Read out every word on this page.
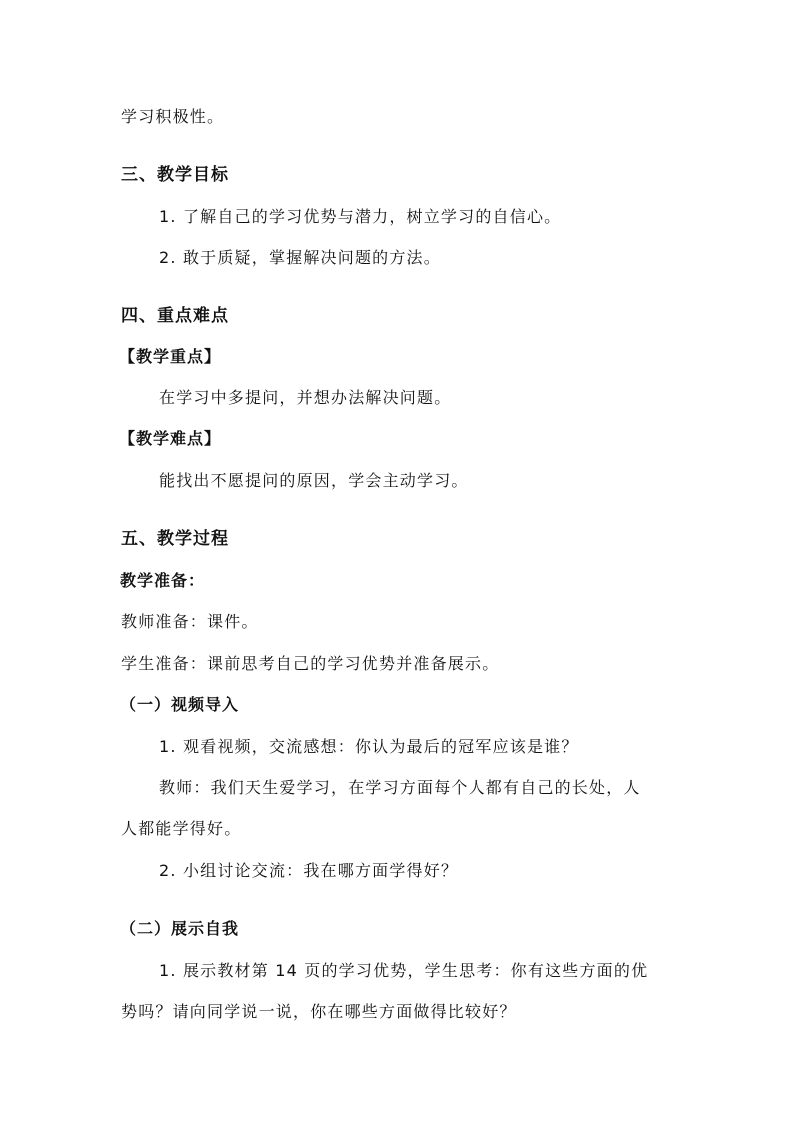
学习积极性。
三、教学目标
1. 了解自己的学习优势与潜力，树立学习的自信心。
2. 敢于质疑，掌握解决问题的方法。
四、重点难点
【教学重点】
在学习中多提问，并想办法解决问题。
【教学难点】
能找出不愿提问的原因，学会主动学习。
五、教学过程
教学准备：
教师准备：课件。
学生准备：课前思考自己的学习优势并准备展示。
（一）视频导入
1. 观看视频，交流感想：你认为最后的冠军应该是谁？
教师：我们天生爱学习，在学习方面每个人都有自己的长处，人
人都能学得好。
2. 小组讨论交流：我在哪方面学得好？
（二）展示自我
1. 展示教材第 14 页的学习优势，学生思考：你有这些方面的优
势吗？请向同学说一说，你在哪些方面做得比较好？
